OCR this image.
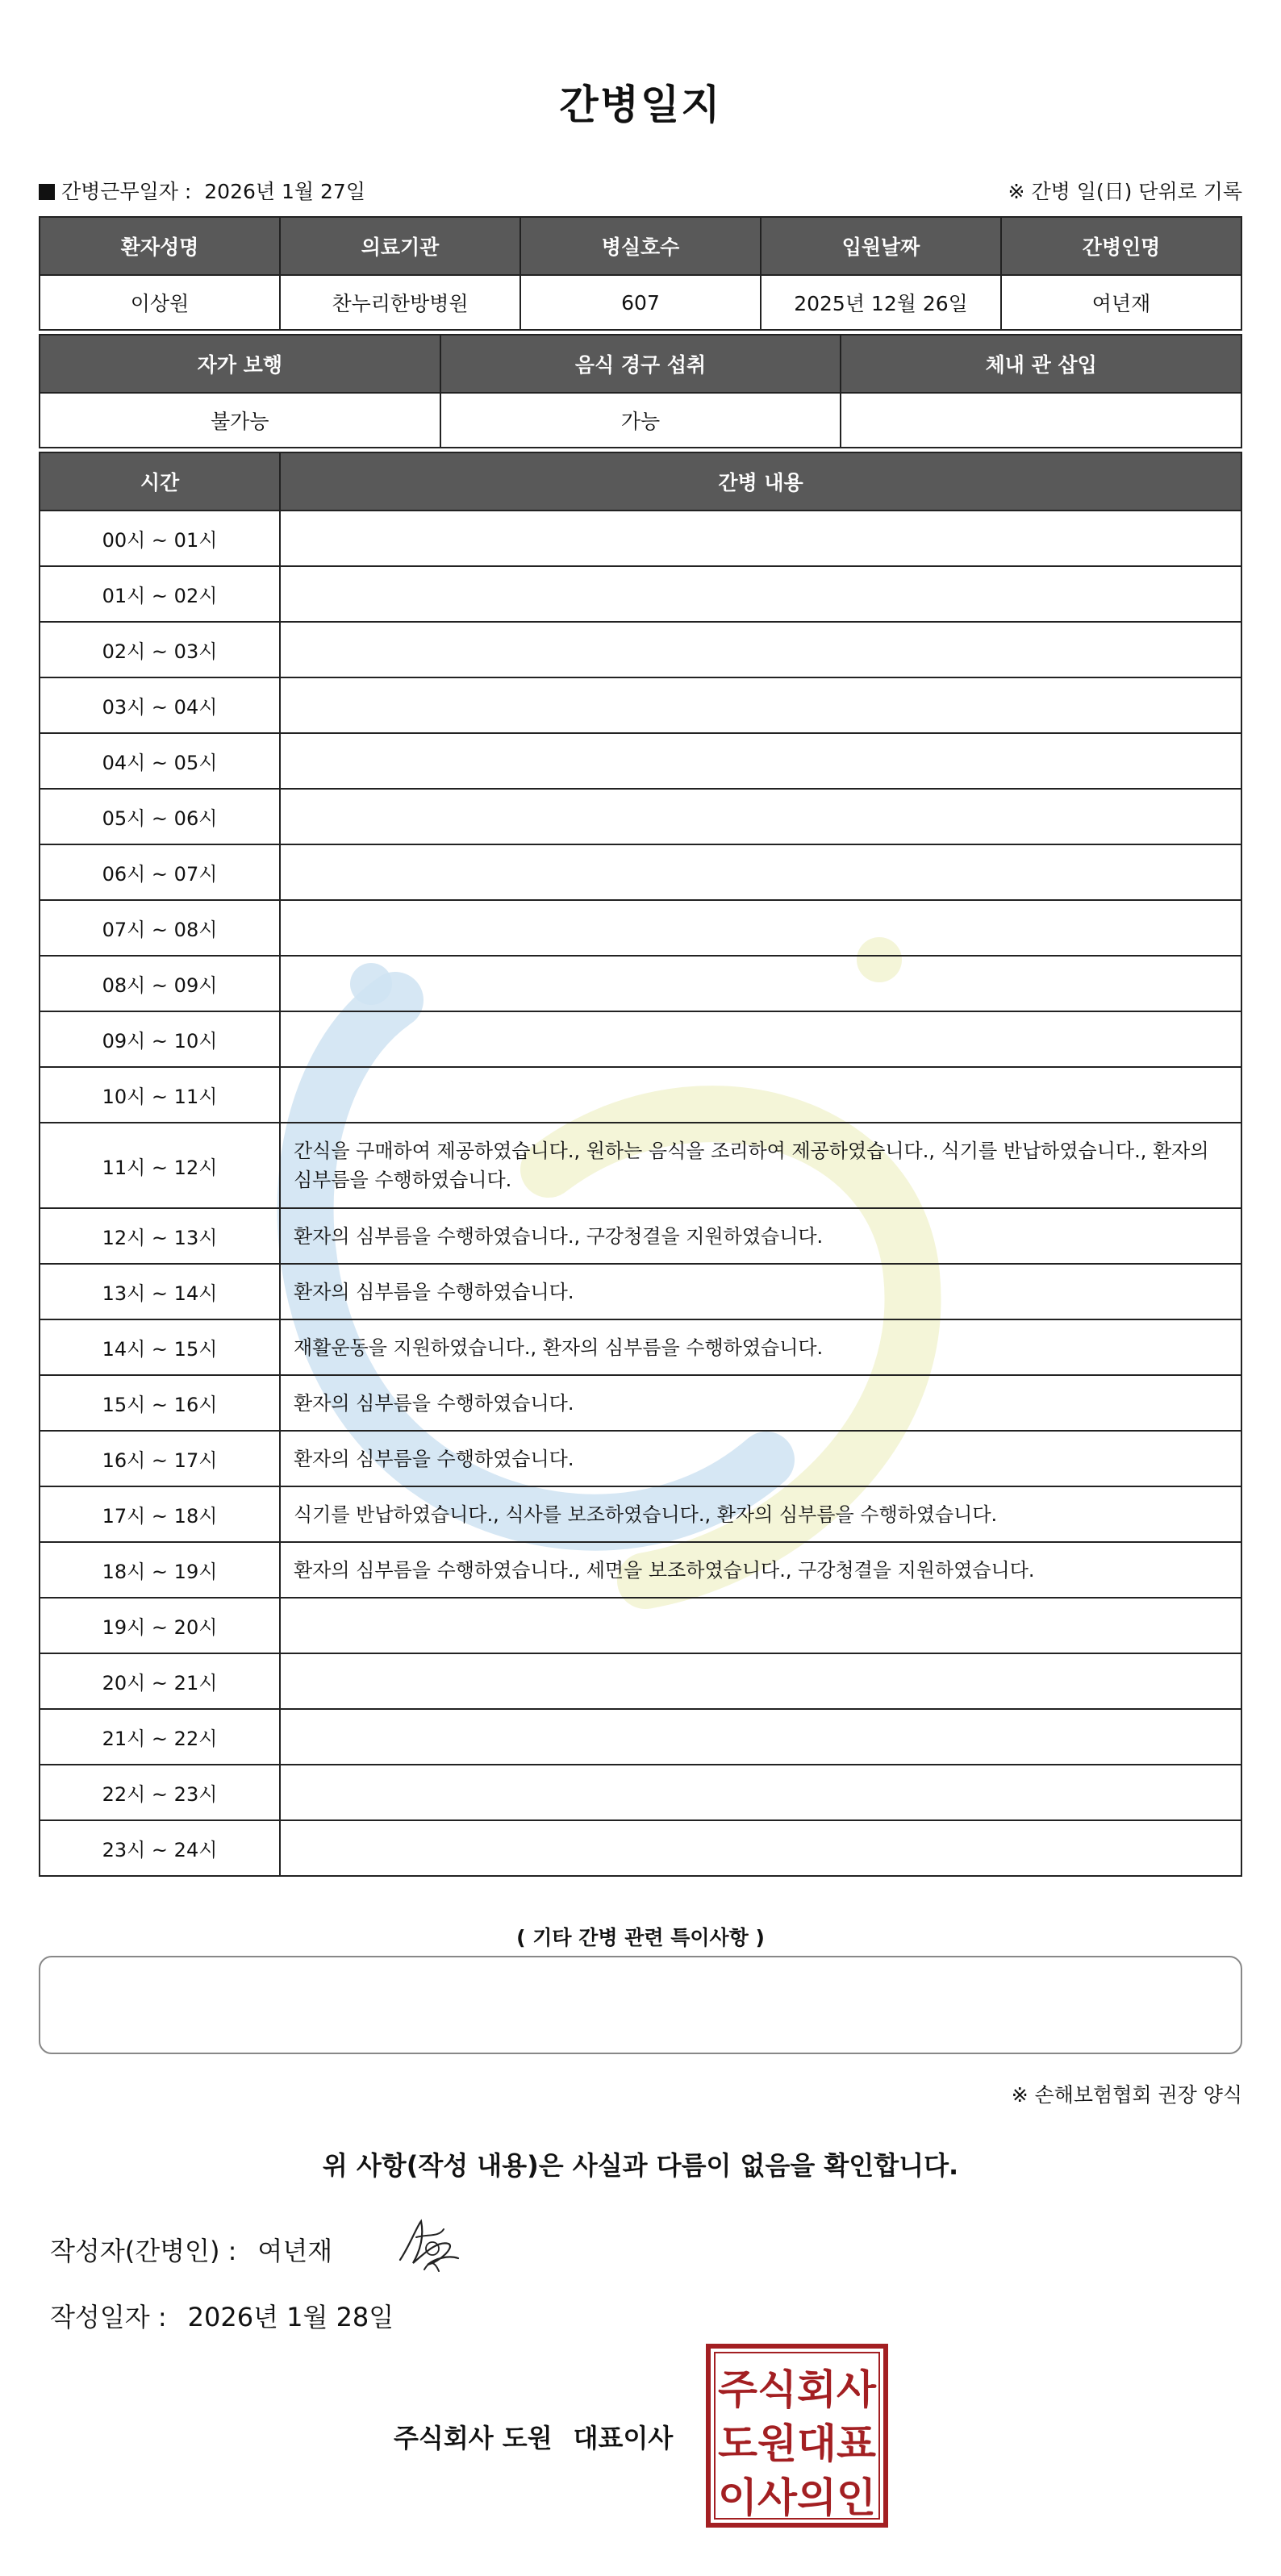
간병일지
간병근무일자 : 2026년 1월 27일	※ 간병 일(日) 단위로 기록
환자성명	의료기관	병실호수	입원날짜	간병인명
이상원	찬누리한방병원	607	2025년 12월 26일	여년재
자가 보행	음식 경구 섭취	체내 관 삽입
불가능	가능	
시간	간병 내용
00시 ~ 01시	
01시 ~ 02시	
02시 ~ 03시	
03시 ~ 04시	
04시 ~ 05시	
05시 ~ 06시	
06시 ~ 07시	
07시 ~ 08시	
08시 ~ 09시	
09시 ~ 10시	
10시 ~ 11시	
11시 ~ 12시	간식을 구매하여 제공하였습니다., 원하는 음식을 조리하여 제공하였습니다., 식기를 반납하였습니다., 환자의 심부름을 수행하였습니다.
12시 ~ 13시	환자의 심부름을 수행하였습니다., 구강청결을 지원하였습니다.
13시 ~ 14시	환자의 심부름을 수행하였습니다.
14시 ~ 15시	재활운동을 지원하였습니다., 환자의 심부름을 수행하였습니다.
15시 ~ 16시	환자의 심부름을 수행하였습니다.
16시 ~ 17시	환자의 심부름을 수행하였습니다.
17시 ~ 18시	식기를 반납하였습니다., 식사를 보조하였습니다., 환자의 심부름을 수행하였습니다.
18시 ~ 19시	환자의 심부름을 수행하였습니다., 세면을 보조하였습니다., 구강청결을 지원하였습니다.
19시 ~ 20시	
20시 ~ 21시	
21시 ~ 22시	
22시 ~ 23시	
23시 ~ 24시	
( 기타 간병 관련 특이사항 )
※ 손해보험협회 권장 양식
위 사항(작성 내용)은 사실과 다름이 없음을 확인합니다.
작성자(간병인) : 여년재
작성일자 : 2026년 1월 28일
주식회사 도원 대표이사
주식회사
도원대표
이사의인
